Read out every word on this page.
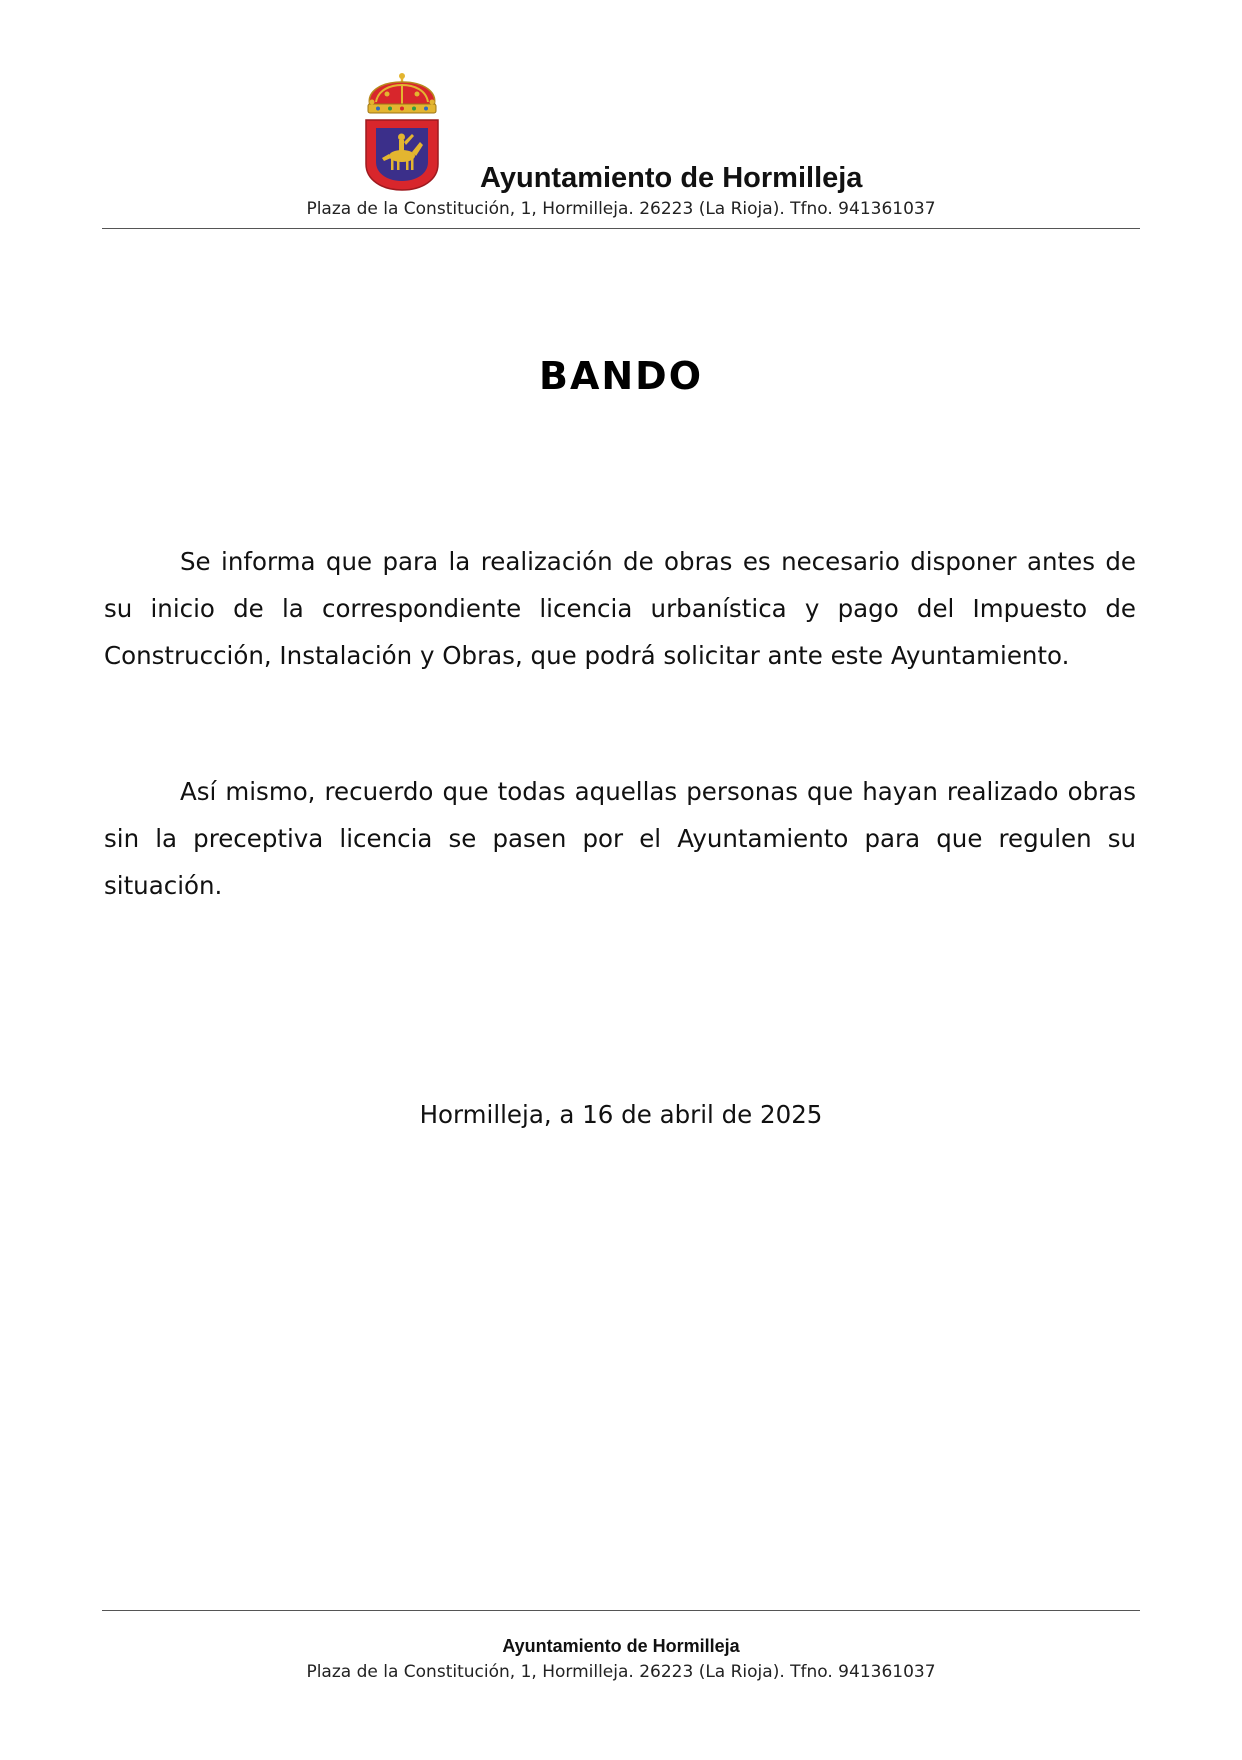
Ayuntamiento de Hormilleja
Plaza de la Constitución, 1, Hormilleja. 26223 (La Rioja). Tfno. 941361037
BANDO

Se informa que para la realización de obras es necesario disponer antes de su inicio de la correspondiente licencia urbanística y pago del Impuesto de Construcción, Instalación y Obras, que podrá solicitar ante este Ayuntamiento.

Así mismo, recuerdo que todas aquellas personas que hayan realizado obras sin la preceptiva licencia se pasen por el Ayuntamiento para que regulen su situación.

Hormilleja, a 16 de abril de 2025
Ayuntamiento de Hormilleja
Plaza de la Constitución, 1, Hormilleja. 26223 (La Rioja). Tfno. 941361037
